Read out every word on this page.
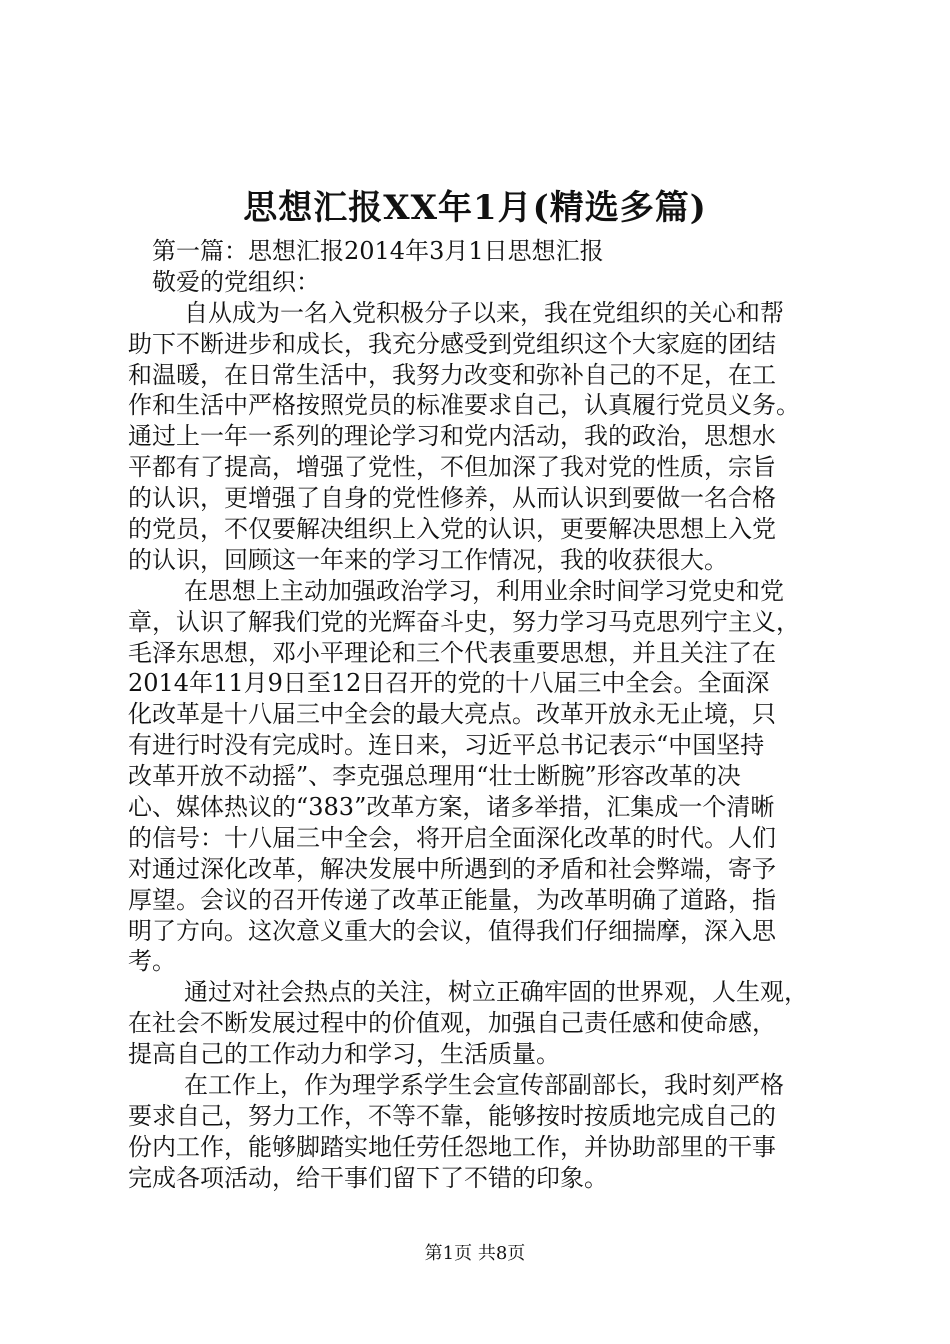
思想汇报XX年1月(精选多篇)
第一篇：思想汇报2014年3月1日思想汇报
敬爱的党组织：
自从成为一名入党积极分子以来，我在党组织的关心和帮
助下不断进步和成长，我充分感受到党组织这个大家庭的团结
和温暖，在日常生活中，我努力改变和弥补自己的不足，在工
作和生活中严格按照党员的标准要求自己，认真履行党员义务。
通过上一年一系列的理论学习和党内活动，我的政治，思想水
平都有了提高，增强了党性，不但加深了我对党的性质，宗旨
的认识，更增强了自身的党性修养，从而认识到要做一名合格
的党员，不仅要解决组织上入党的认识，更要解决思想上入党
的认识，回顾这一年来的学习工作情况，我的收获很大。
在思想上主动加强政治学习，利用业余时间学习党史和党
章，认识了解我们党的光辉奋斗史，努力学习马克思列宁主义，
毛泽东思想，邓小平理论和三个代表重要思想，并且关注了在
2014年11月9日至12日召开的党的十八届三中全会。全面深
化改革是十八届三中全会的最大亮点。改革开放永无止境，只
有进行时没有完成时。连日来，习近平总书记表示“中国坚持
改革开放不动摇”、李克强总理用“壮士断腕”形容改革的决
心、媒体热议的“383”改革方案，诸多举措，汇集成一个清晰
的信号：十八届三中全会，将开启全面深化改革的时代。人们
对通过深化改革，解决发展中所遇到的矛盾和社会弊端，寄予
厚望。会议的召开传递了改革正能量，为改革明确了道路，指
明了方向。这次意义重大的会议，值得我们仔细揣摩，深入思
考。
通过对社会热点的关注，树立正确牢固的世界观，人生观，
在社会不断发展过程中的价值观，加强自己责任感和使命感，
提高自己的工作动力和学习，生活质量。
在工作上，作为理学系学生会宣传部副部长，我时刻严格
要求自己，努力工作，不等不靠，能够按时按质地完成自己的
份内工作，能够脚踏实地任劳任怨地工作，并协助部里的干事
完成各项活动，给干事们留下了不错的印象。
第1页 共8页
